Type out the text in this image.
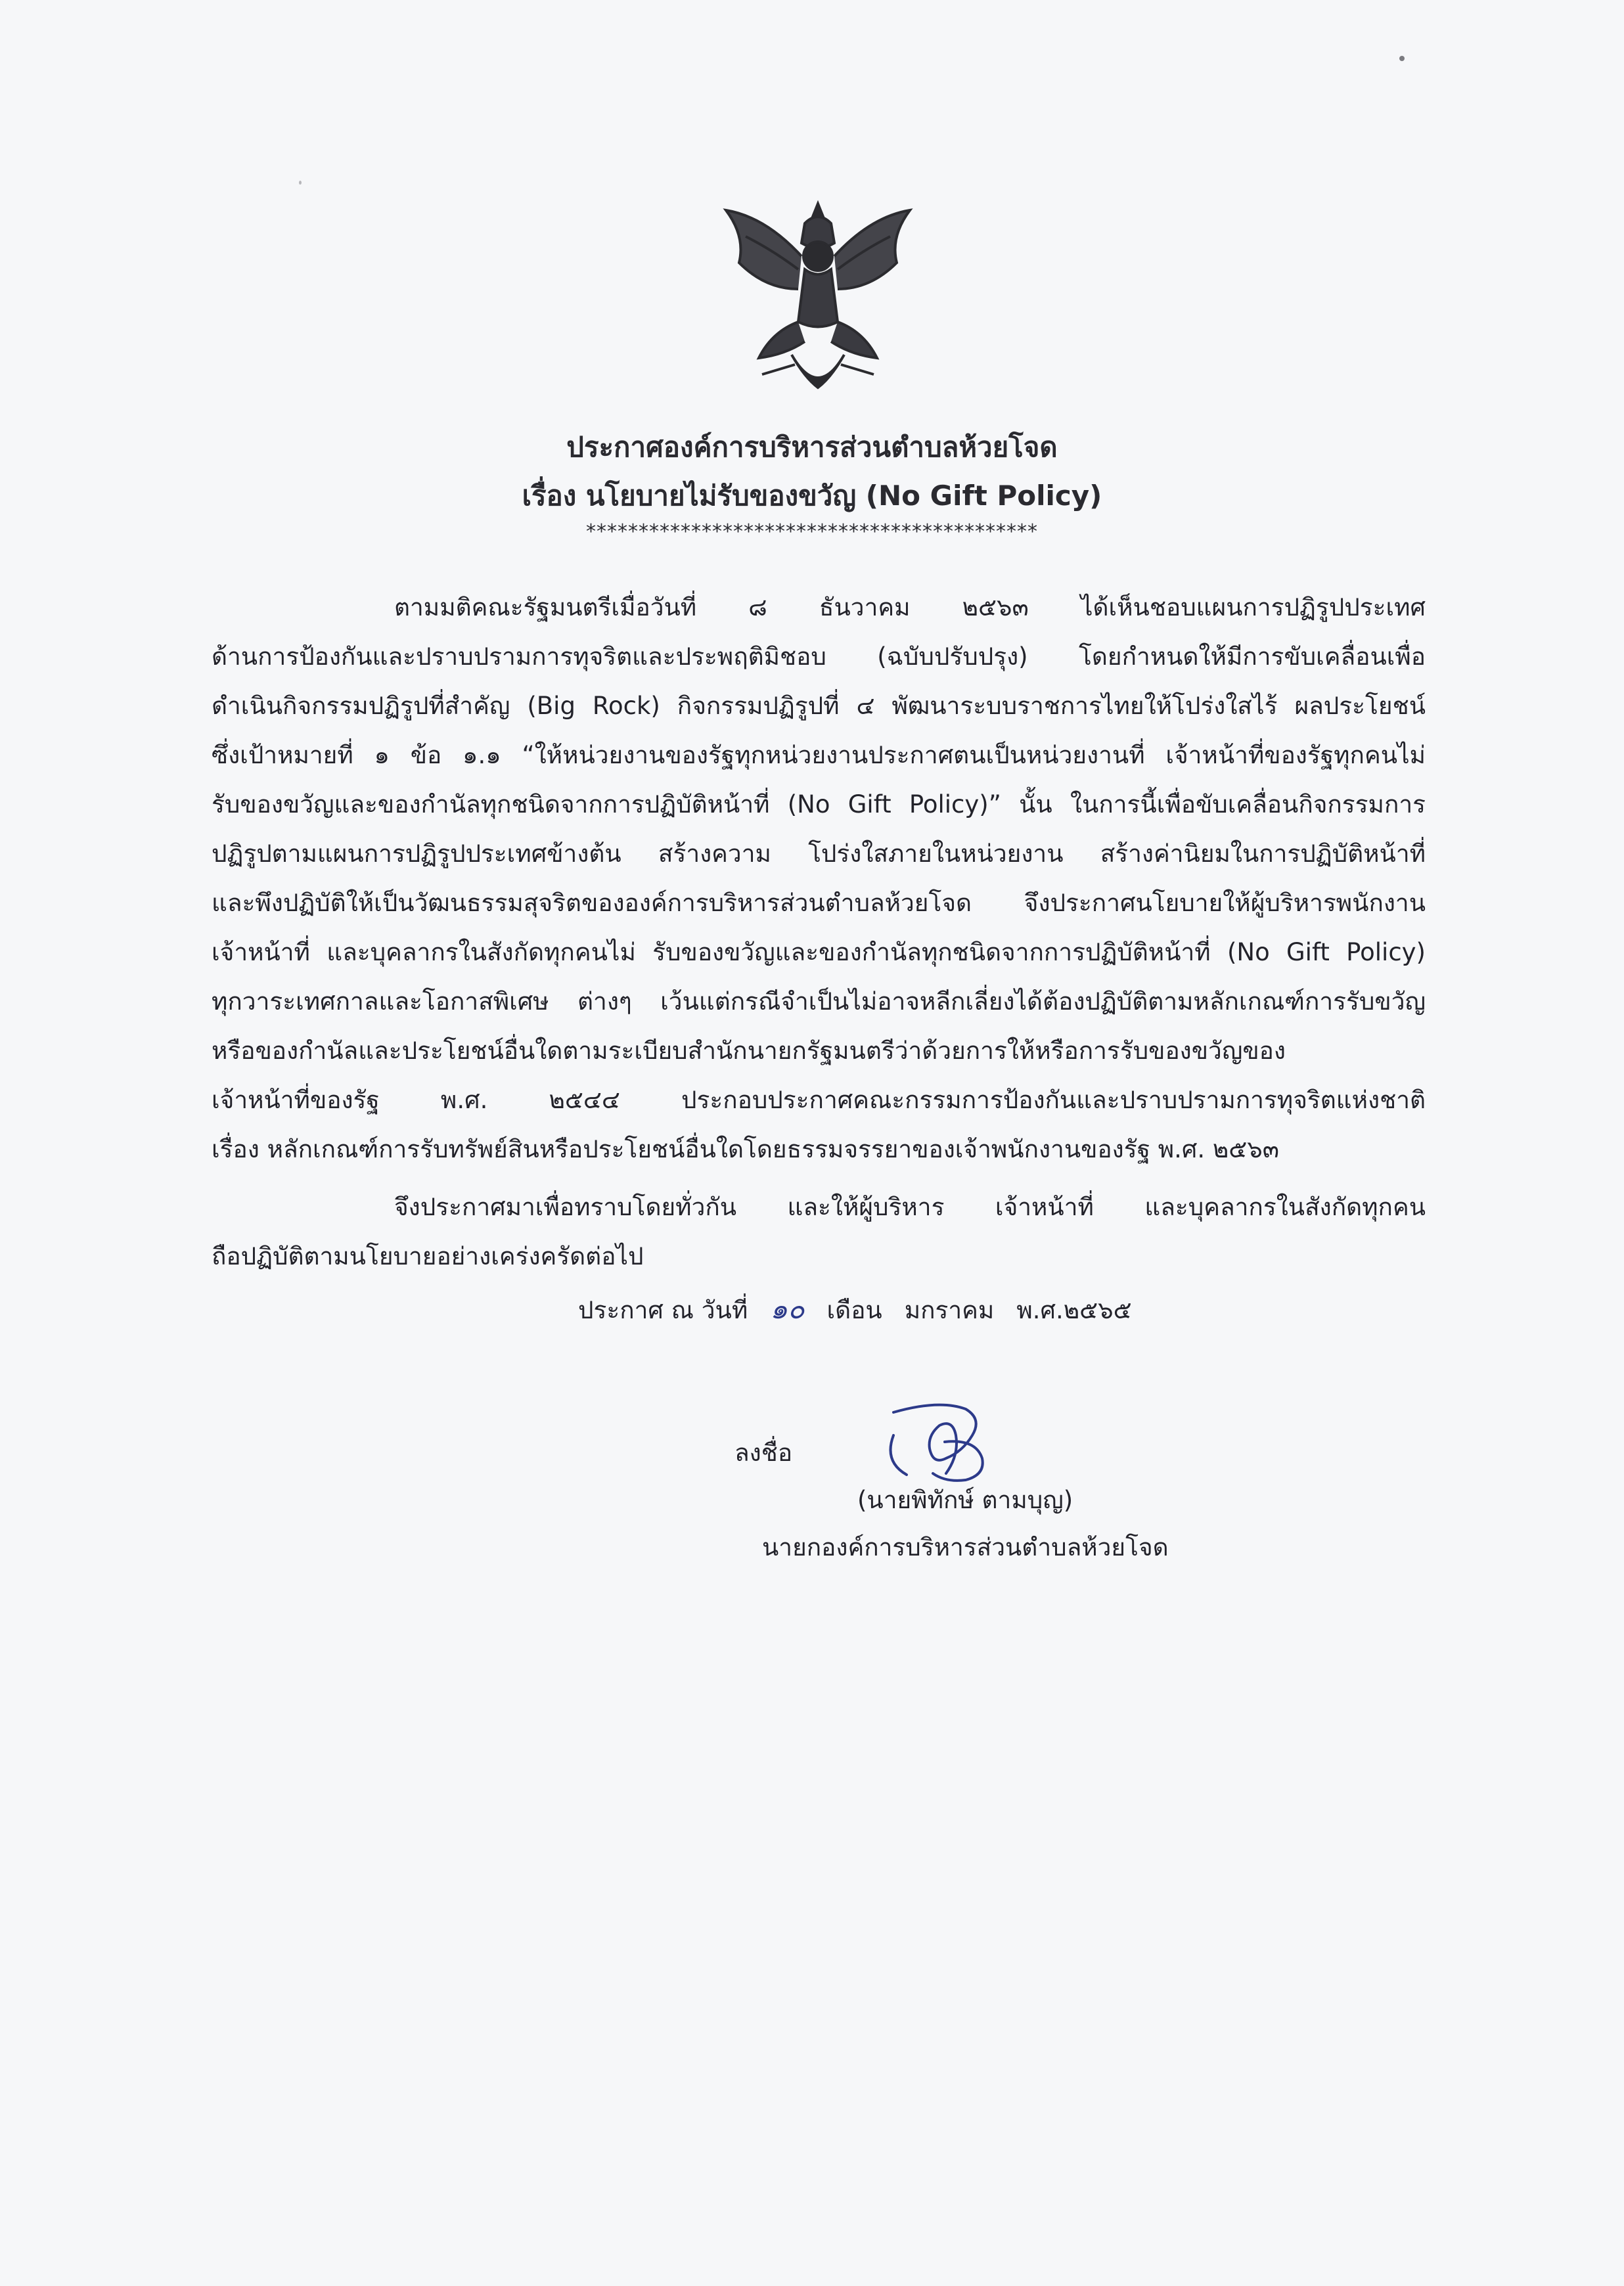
ประกาศองค์การบริหารส่วนตำบลห้วยโจด
เรื่อง นโยบายไม่รับของขวัญ (No Gift Policy)
*******************************************
ตามมติคณะรัฐมนตรีเมื่อวันที่ ๘ ธันวาคม ๒๕๖๓ ได้เห็นชอบแผนการปฏิรูปประเทศ
ด้านการป้องกันและปราบปรามการทุจริตและประพฤติมิชอบ (ฉบับปรับปรุง) โดยกำหนดให้มีการขับเคลื่อนเพื่อ
ดำเนินกิจกรรมปฏิรูปที่สำคัญ (Big Rock) กิจกรรมปฏิรูปที่ ๔ พัฒนาระบบราชการไทยให้โปร่งใสไร้ ผลประโยชน์
ซึ่งเป้าหมายที่ ๑ ข้อ ๑.๑ “ให้หน่วยงานของรัฐทุกหน่วยงานประกาศตนเป็นหน่วยงานที่ เจ้าหน้าที่ของรัฐทุกคนไม่
รับของขวัญและของกำนัลทุกชนิดจากการปฏิบัติหน้าที่ (No Gift Policy)” นั้น ในการนี้เพื่อขับเคลื่อนกิจกรรมการ
ปฏิรูปตามแผนการปฏิรูปประเทศข้างต้น สร้างความ โปร่งใสภายในหน่วยงาน สร้างค่านิยมในการปฏิบัติหน้าที่
และพึงปฏิบัติให้เป็นวัฒนธรรมสุจริตขององค์การบริหารส่วนตำบลห้วยโจด จึงประกาศนโยบายให้ผู้บริหารพนักงาน
เจ้าหน้าที่ และบุคลากรในสังกัดทุกคนไม่ รับของขวัญและของกำนัลทุกชนิดจากการปฏิบัติหน้าที่ (No Gift Policy)
ทุกวาระเทศกาลและโอกาสพิเศษ ต่างๆ เว้นแต่กรณีจำเป็นไม่อาจหลีกเลี่ยงได้ต้องปฏิบัติตามหลักเกณฑ์การรับขวัญ
หรือของกำนัลและประโยชน์อื่นใดตามระเบียบสำนักนายกรัฐมนตรีว่าด้วยการให้หรือการรับของขวัญของ
เจ้าหน้าที่ของรัฐ พ.ศ. ๒๕๔๔ ประกอบประกาศคณะกรรมการป้องกันและปราบปรามการทุจริตแห่งชาติ
เรื่อง หลักเกณฑ์การรับทรัพย์สินหรือประโยชน์อื่นใดโดยธรรมจรรยาของเจ้าพนักงานของรัฐ พ.ศ. ๒๕๖๓
จึงประกาศมาเพื่อทราบโดยทั่วกัน และให้ผู้บริหาร เจ้าหน้าที่ และบุคลากรในสังกัดทุกคน
ถือปฏิบัติตามนโยบายอย่างเคร่งครัดต่อไป
ประกาศ ณ วันที่ ๑๐ เดือน มกราคม พ.ศ.๒๕๖๕
ลงชื่อ
(นายพิทักษ์ ตามบุญ)
นายกองค์การบริหารส่วนตำบลห้วยโจด
